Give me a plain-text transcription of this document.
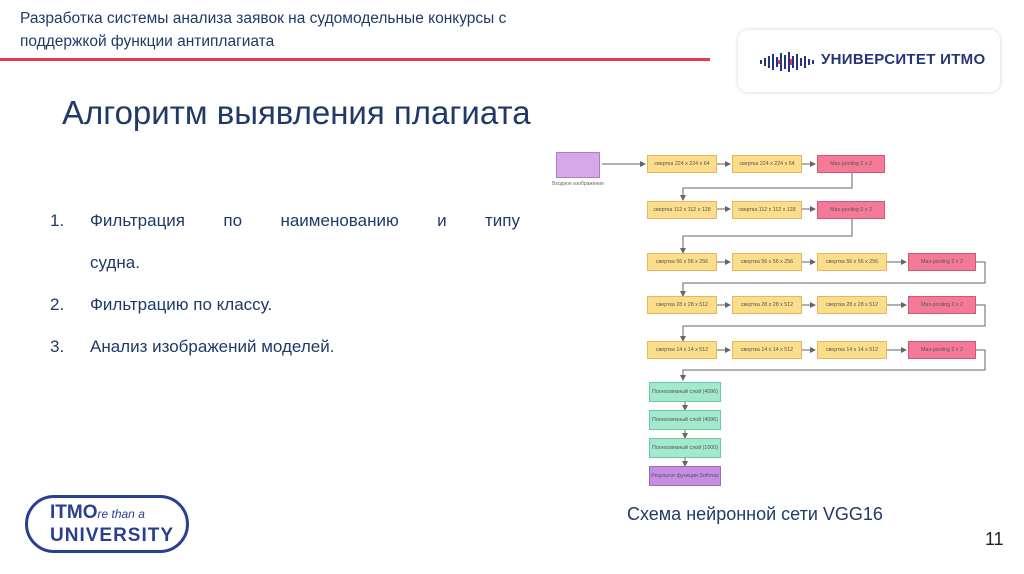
Разработка системы анализа заявок на судомодельные конкурсы с
поддержкой функции антиплагиата
УНИВЕРСИТЕТ ИТМО
Алгоритм выявления плагиата
1. Фильтрация по наименованию и типу
судна.
2. Фильтрацию по классу.
3. Анализ изображений моделей.
Входное изображение
свертка 224 x 224 x 64	свертка 224 x 224 x 64	Max-pooling 2 x 2
свертка 112 x 112 x 128	свертка 112 x 112 x 128	Max-pooling 2 x 2
свертка 56 x 56 x 256	свертка 56 x 56 x 256	свертка 56 x 56 x 256	Max-pooling 2 x 2
свертка 28 x 28 x 512	свертка 28 x 28 x 512	свертка 28 x 28 x 512	Max-pooling 2 x 2
свертка 14 x 14 x 512	свертка 14 x 14 x 512	свертка 14 x 14 x 512	Max-pooling 2 x 2
Полносвязный слой (4096)
Полносвязный слой (4096)
Полносвязный слой (1000)
Результат функции Softmax
Схема нейронной сети VGG16
11
ITMOre than a
UNIVERSITY
